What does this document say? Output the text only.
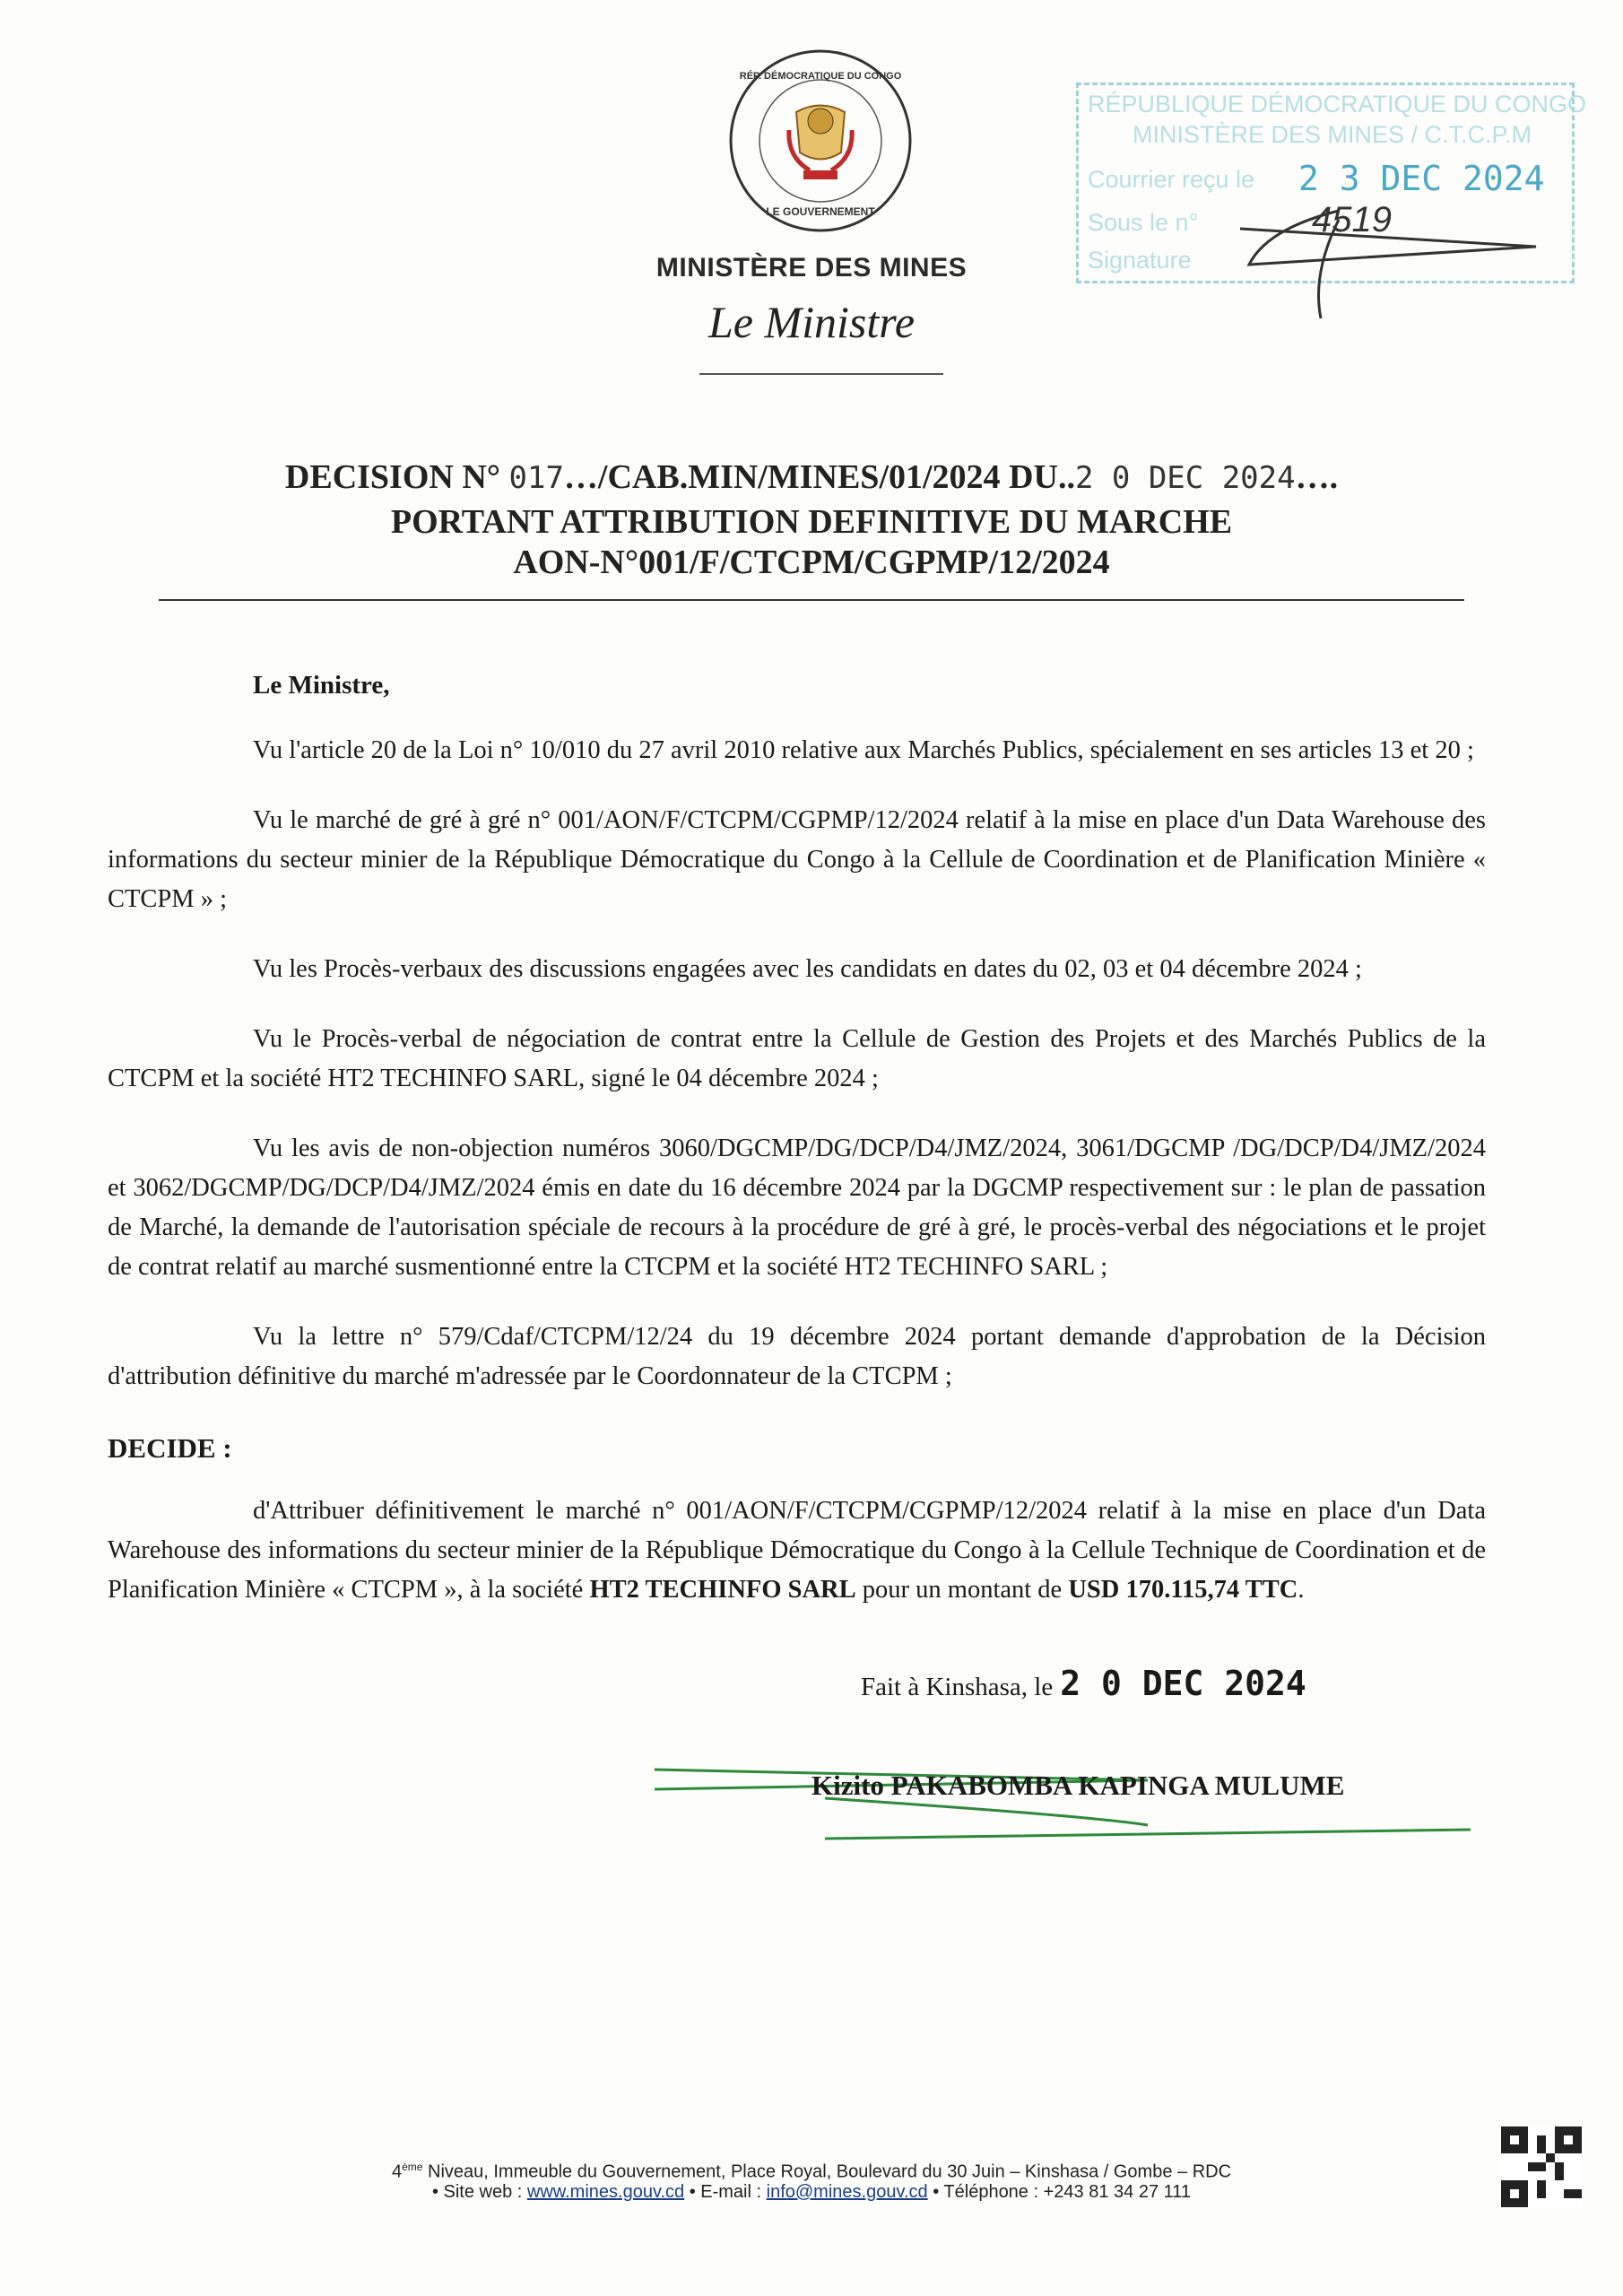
RÉP. DÉMOCRATIQUE DU CONGO
LE GOUVERNEMENT
MINISTÈRE DES MINES
Le Ministre
RÉPUBLIQUE DÉMOCRATIQUE DU CONGO
MINISTÈRE DES MINES / C.T.C.P.M
Courrier reçu le
Sous le n°
Signature
2 3 DEC 2024
4519
DECISION N° 017…/CAB.MIN/MINES/01/2024 DU..2 0 DEC 2024….
PORTANT ATTRIBUTION DEFINITIVE DU MARCHE
AON-N°001/F/CTCPM/CGPMP/12/2024
Le Ministre,

Vu l'article 20 de la Loi n° 10/010 du 27 avril 2010 relative aux Marchés Publics, spécialement en ses articles 13 et 20 ;

Vu le marché de gré à gré n° 001/AON/F/CTCPM/CGPMP/12/2024 relatif à la mise en place d'un Data Warehouse des informations du secteur minier de la République Démocratique du Congo à la Cellule de Coordination et de Planification Minière « CTCPM » ;

Vu les Procès-verbaux des discussions engagées avec les candidats en dates du 02, 03 et 04 décembre 2024 ;

Vu le Procès-verbal de négociation de contrat entre la Cellule de Gestion des Projets et des Marchés Publics de la CTCPM et la société HT2 TECHINFO SARL, signé le 04 décembre 2024 ;

Vu les avis de non-objection numéros 3060/DGCMP/DG/DCP/D4/JMZ/2024, 3061/DGCMP /DG/DCP/D4/JMZ/2024 et 3062/DGCMP/DG/DCP/D4/JMZ/2024 émis en date du 16 décembre 2024 par la DGCMP respectivement sur : le plan de passation de Marché, la demande de l'autorisation spéciale de recours à la procédure de gré à gré, le procès-verbal des négociations et le projet de contrat relatif au marché susmentionné entre la CTCPM et la société HT2 TECHINFO SARL ;

Vu la lettre n° 579/Cdaf/CTCPM/12/24 du 19 décembre 2024 portant demande d'approbation de la Décision d'attribution définitive du marché m'adressée par le Coordonnateur de la CTCPM ;

DECIDE :

d'Attribuer définitivement le marché n° 001/AON/F/CTCPM/CGPMP/12/2024 relatif à la mise en place d'un Data Warehouse des informations du secteur minier de la République Démocratique du Congo à la Cellule Technique de Coordination et de Planification Minière « CTCPM », à la société HT2 TECHINFO SARL pour un montant de USD 170.115,74 TTC.

Fait à Kinshasa, le 2 0 DEC 2024
Kizito PAKABOMBA KAPINGA MULUME
4ème Niveau, Immeuble du Gouvernement, Place Royal, Boulevard du 30 Juin – Kinshasa / Gombe – RDC
• Site web : www.mines.gouv.cd • E-mail : info@mines.gouv.cd • Téléphone : +243 81 34 27 111
